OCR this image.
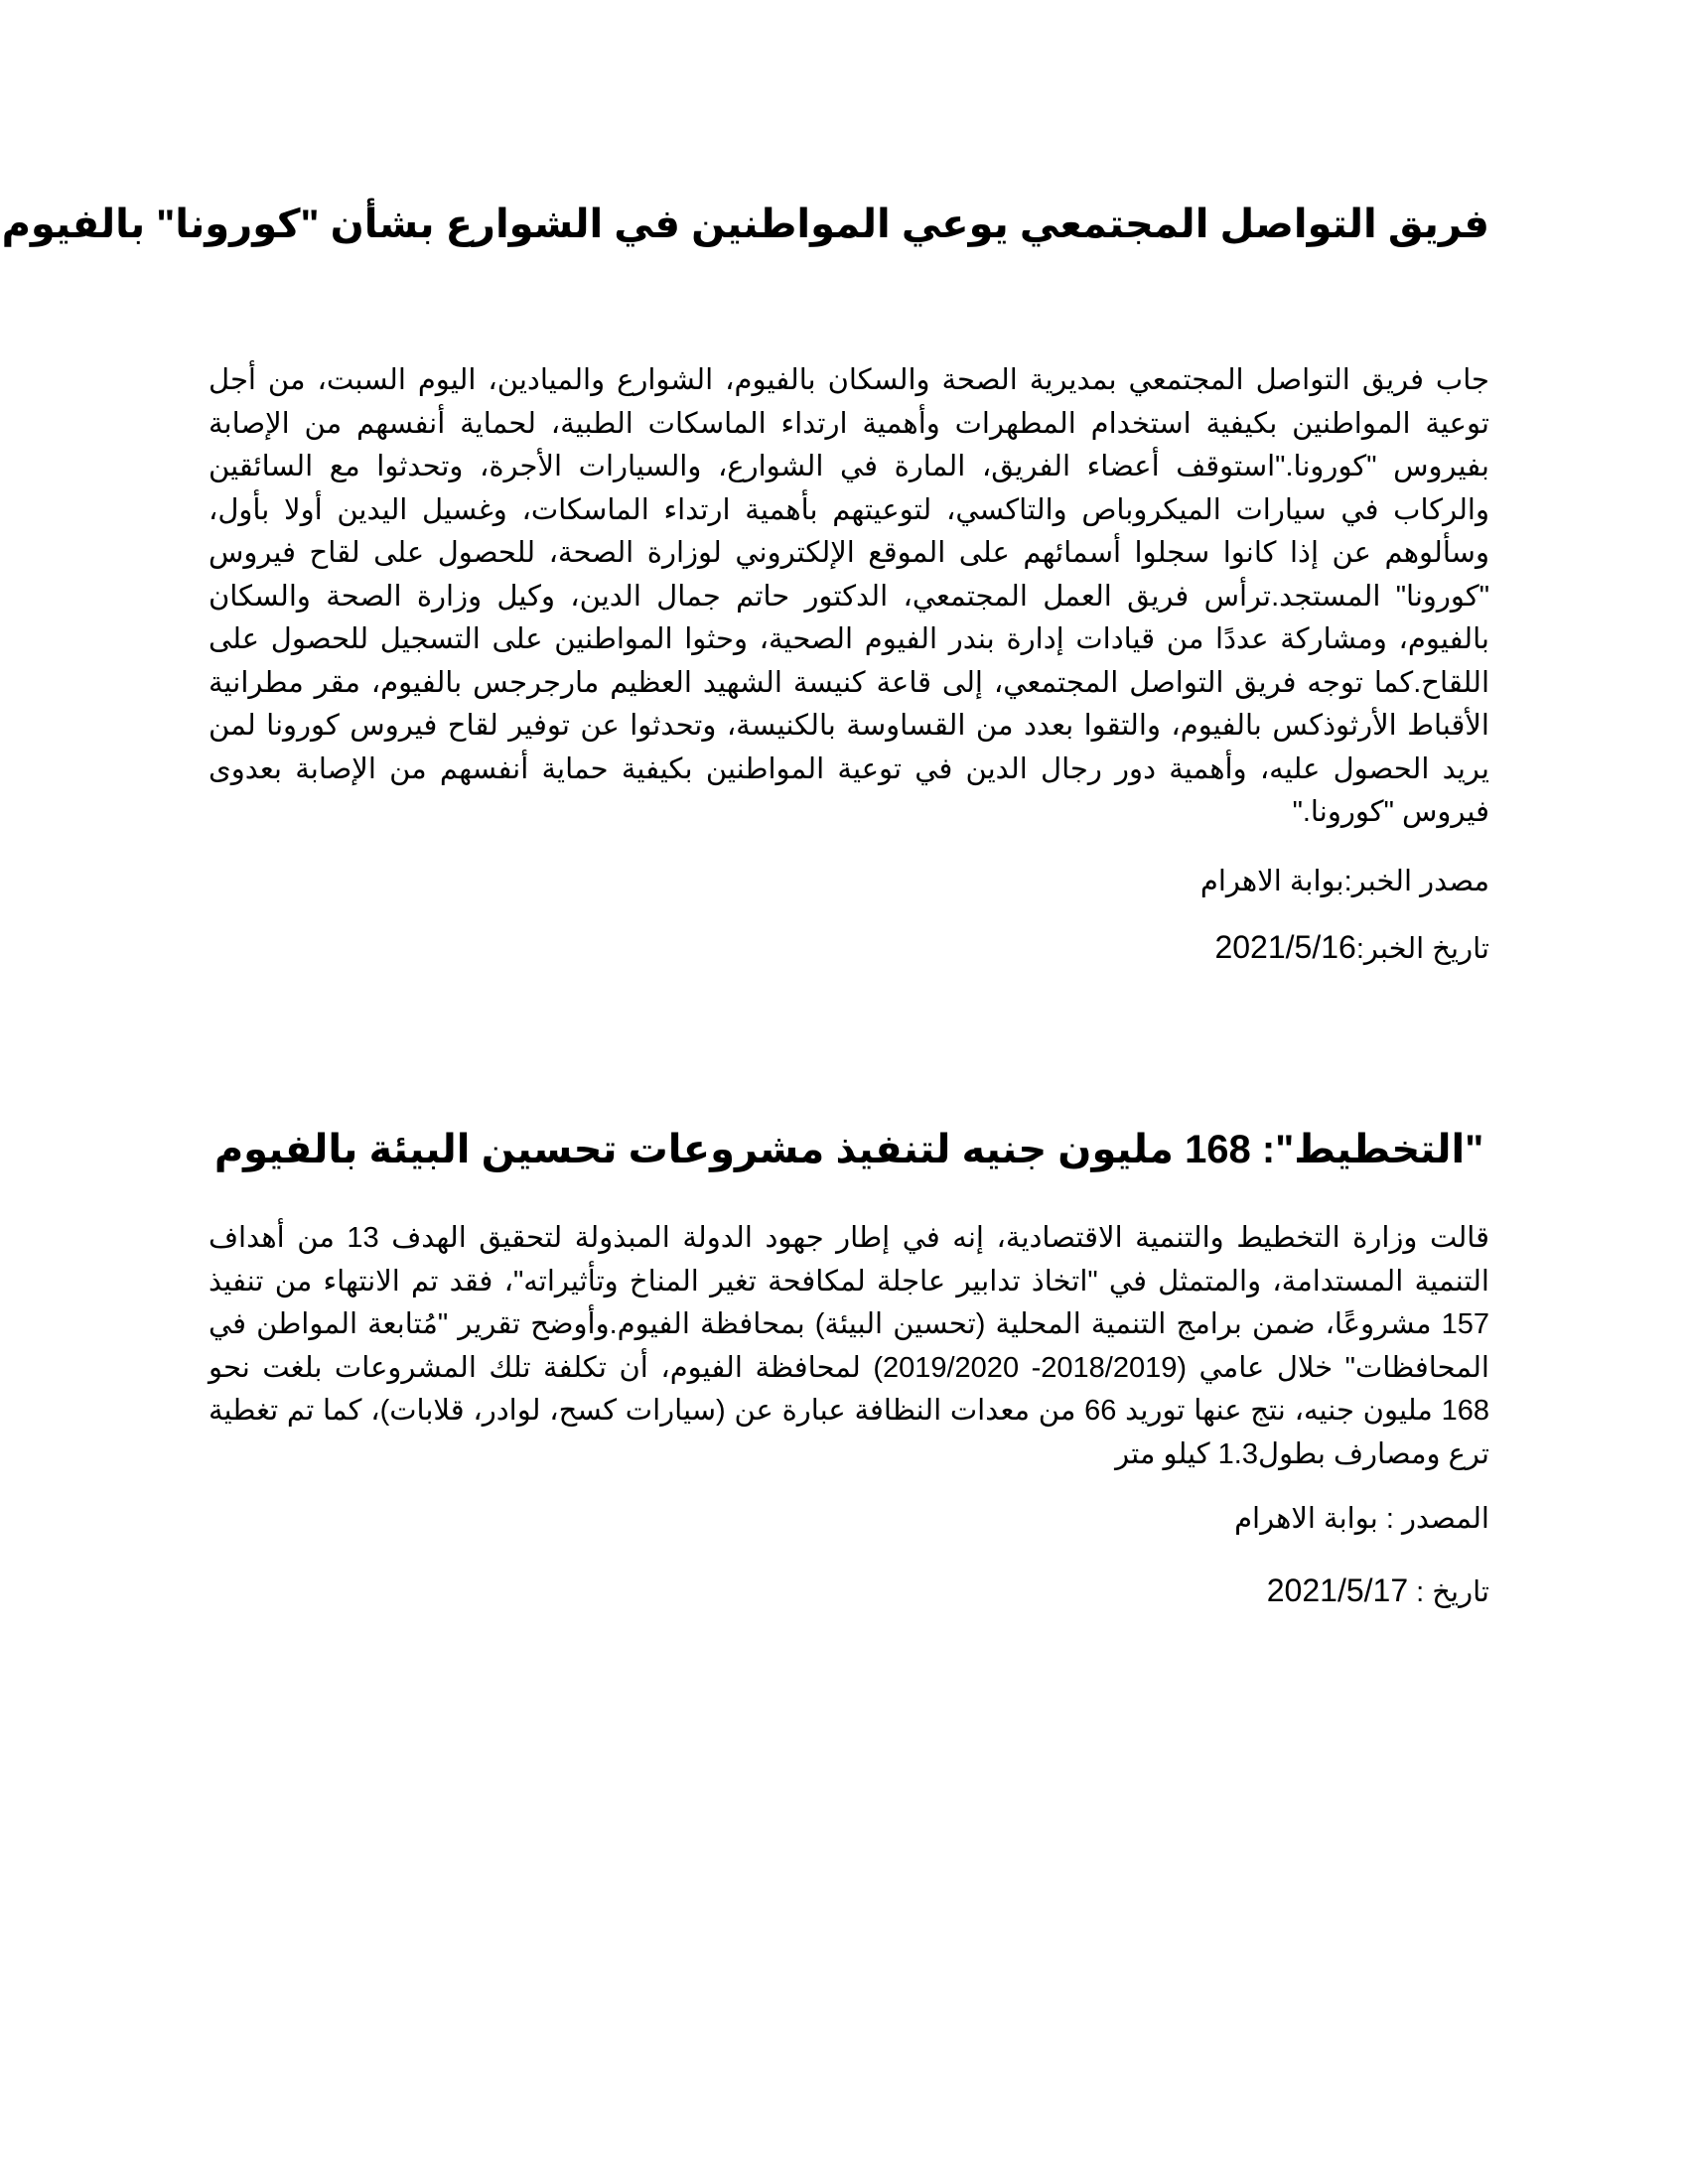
فريق التواصل المجتمعي يوعي المواطنين في الشوارع بشأن "كورونا" بالفيوم

جاب فريق التواصل المجتمعي بمديرية الصحة والسكان بالفيوم، الشوارع والميادين، اليوم السبت، من أجل توعية المواطنين بكيفية استخدام المطهرات وأهمية ارتداء الماسكات الطبية، لحماية أنفسهم من الإصابة بفيروس "كورونا."استوقف أعضاء الفريق، المارة في الشوارع، والسيارات الأجرة، وتحدثوا مع السائقين والركاب في سيارات الميكروباص والتاكسي، لتوعيتهم بأهمية ارتداء الماسكات، وغسيل اليدين أولا بأول، وسألوهم عن إذا كانوا سجلوا أسمائهم على الموقع الإلكتروني لوزارة الصحة، للحصول على لقاح فيروس "كورونا" المستجد.ترأس فريق العمل المجتمعي، الدكتور حاتم جمال الدين، وكيل وزارة الصحة والسكان بالفيوم، ومشاركة عددًا من قيادات إدارة بندر الفيوم الصحية، وحثوا المواطنين على التسجيل للحصول على اللقاح.كما توجه فريق التواصل المجتمعي، إلى قاعة كنيسة الشهيد العظيم مارجرجس بالفيوم، مقر مطرانية الأقباط الأرثوذكس بالفيوم، والتقوا بعدد من القساوسة بالكنيسة، وتحدثوا عن توفير لقاح فيروس كورونا لمن يريد الحصول عليه، وأهمية دور رجال الدين في توعية المواطنين بكيفية حماية أنفسهم من الإصابة بعدوى فيروس "كورونا."

مصدر الخبر:بوابة الاهرام

تاريخ الخبر:2021/5/16

"التخطيط": 168 مليون جنيه لتنفيذ مشروعات تحسين البيئة بالفيوم

قالت وزارة التخطيط والتنمية الاقتصادية، إنه في إطار جهود الدولة المبذولة لتحقيق الهدف 13 من أهداف التنمية المستدامة، والمتمثل في "اتخاذ تدابير عاجلة لمكافحة تغير المناخ وتأثيراته"، فقد تم الانتهاء من تنفيذ 157 مشروعًا، ضمن برامج التنمية المحلية (تحسين البيئة) بمحافظة الفيوم.وأوضح تقرير "مُتابعة المواطن في المحافظات" خلال عامي (2018/2019- 2019/2020) لمحافظة الفيوم، أن تكلفة تلك المشروعات بلغت نحو 168 مليون جنيه، نتج عنها توريد 66 من معدات النظافة عبارة عن (سيارات كسح، لوادر، قلابات)، كما تم تغطية ترع ومصارف بطول1.3 كيلو متر

المصدر : بوابة الاهرام

تاريخ : 2021/5/17
